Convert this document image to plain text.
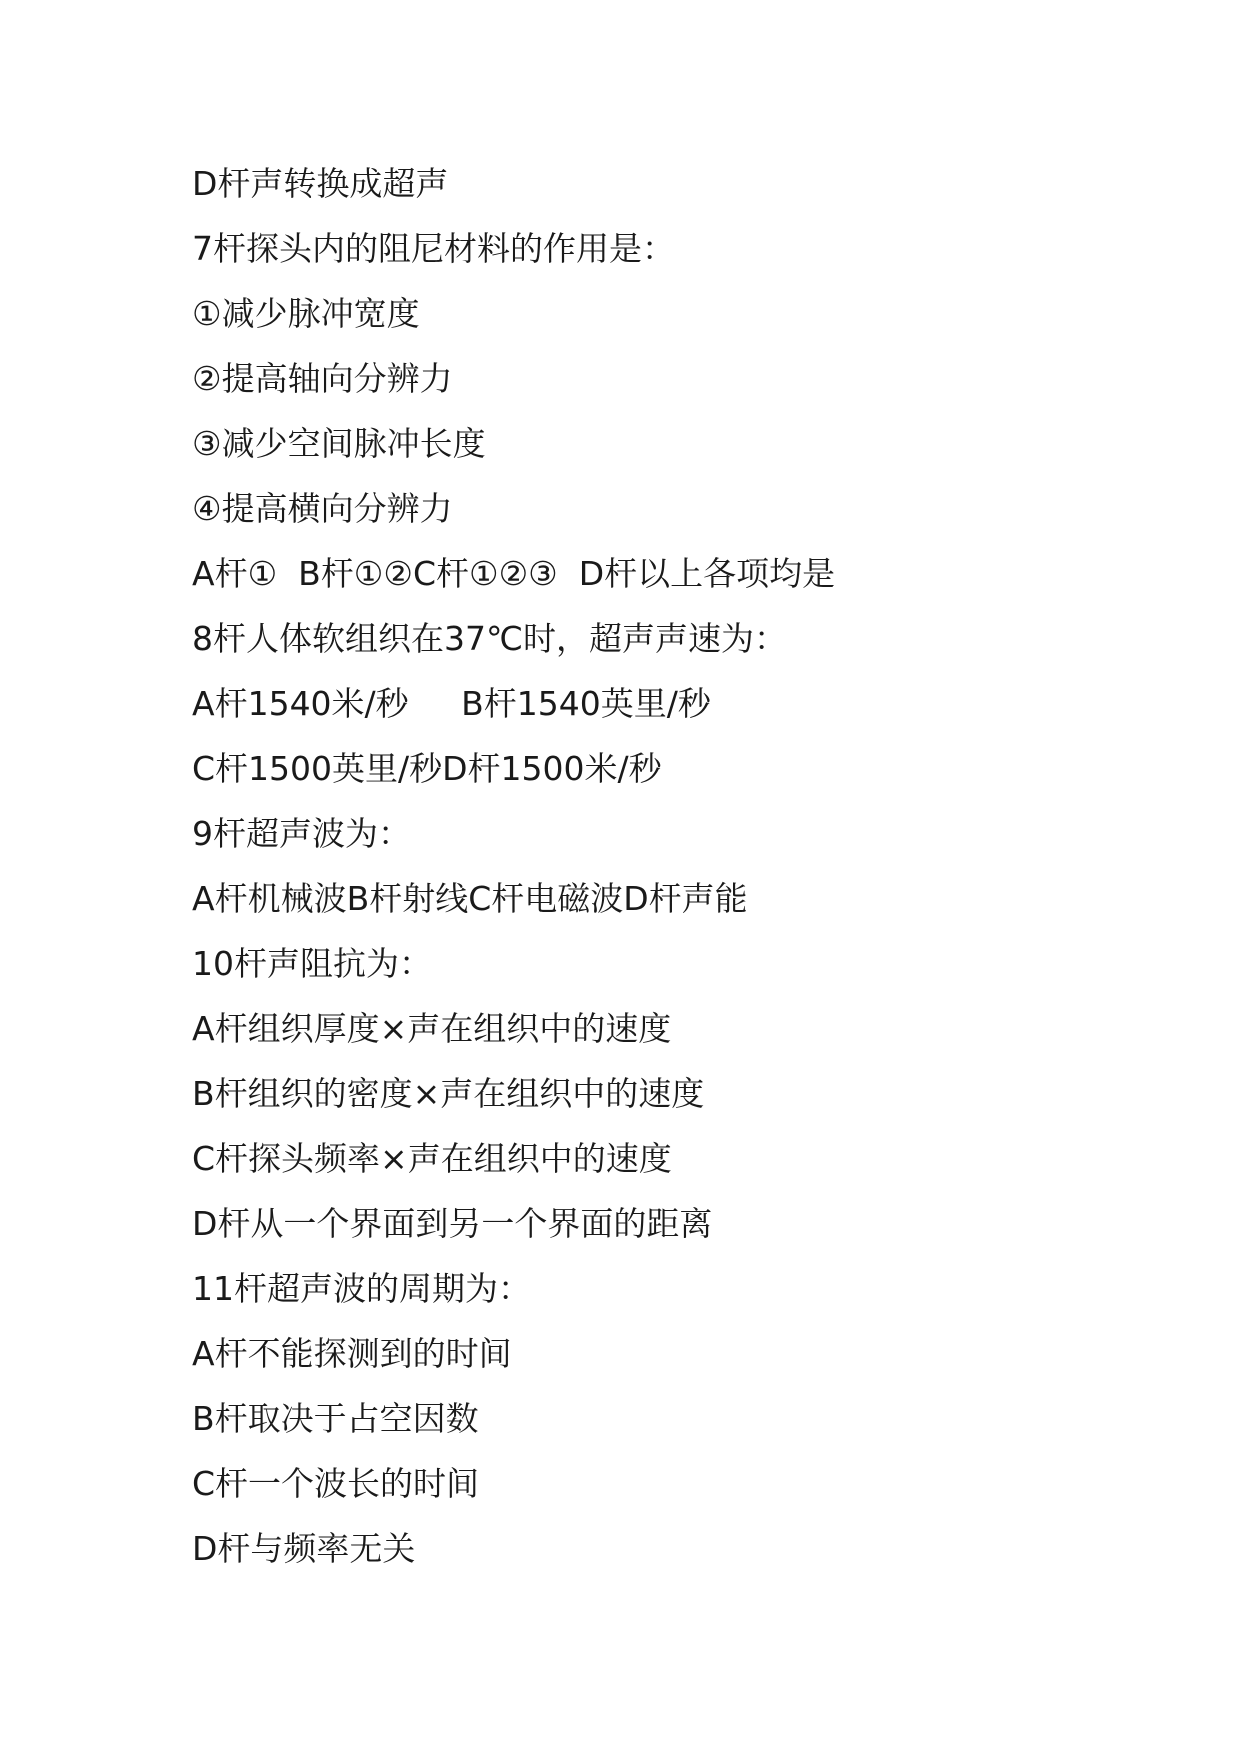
D杆声转换成超声
7杆探头内的阻尼材料的作用是：
①减少脉冲宽度
②提高轴向分辨力
③减少空间脉冲长度
④提高横向分辨力
A杆①  B杆①②C杆①②③  D杆以上各项均是
8杆人体软组织在37℃时，超声声速为：
A杆1540米/秒     B杆1540英里/秒
C杆1500英里/秒D杆1500米/秒
9杆超声波为：
A杆机械波B杆射线C杆电磁波D杆声能
10杆声阻抗为：
A杆组织厚度×声在组织中的速度
B杆组织的密度×声在组织中的速度
C杆探头频率×声在组织中的速度
D杆从一个界面到另一个界面的距离
11杆超声波的周期为：
A杆不能探测到的时间
B杆取决于占空因数
C杆一个波长的时间
D杆与频率无关
